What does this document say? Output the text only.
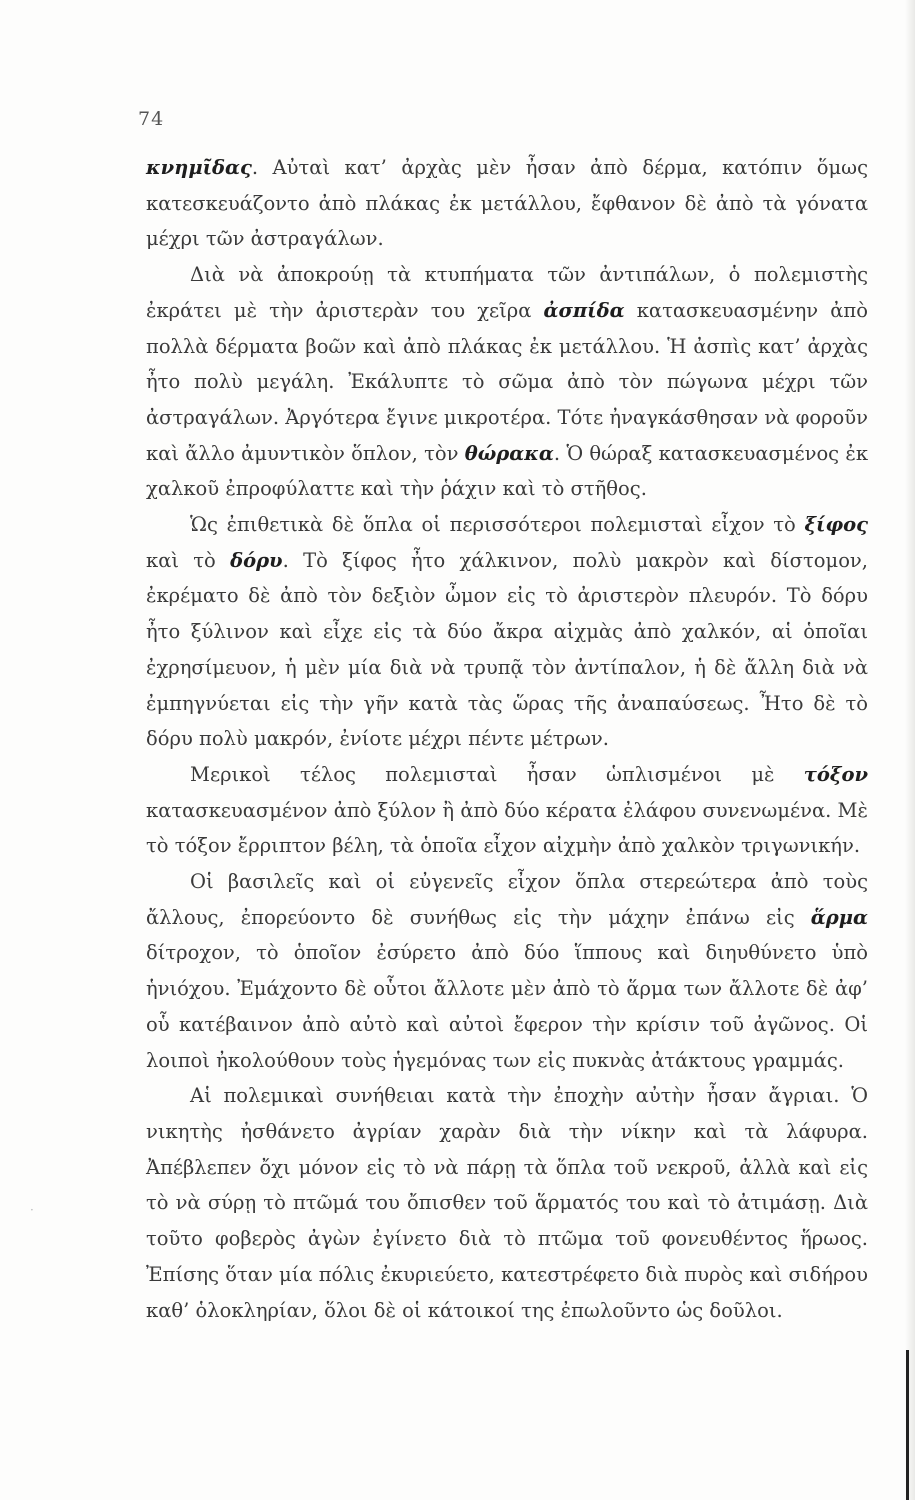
74

κνημῖδας. Αὐταὶ κατ’ ἀρχὰς μὲν ἦσαν ἀπὸ δέρμα, κατόπιν ὅμως κατεσκευάζοντο ἀπὸ πλάκας ἐκ μετάλλου, ἔφθανον δὲ ἀπὸ τὰ γόνατα μέχρι τῶν ἀστραγάλων.

Διὰ νὰ ἀποκρούῃ τὰ κτυπήματα τῶν ἀντιπάλων, ὁ πολεμιστὴς ἐκράτει μὲ τὴν ἀριστερὰν του χεῖρα ἀσπίδα κατασκευασμένην ἀπὸ πολλὰ δέρματα βοῶν καὶ ἀπὸ πλάκας ἐκ μετάλλου. Ἡ ἀσπὶς κατ’ ἀρχὰς ἦτο πολὺ μεγάλη. Ἐκάλυπτε τὸ σῶμα ἀπὸ τὸν πώγωνα μέχρι τῶν ἀστραγάλων. Ἀργότερα ἔγινε μικροτέρα. Τότε ἠναγκάσθησαν νὰ φοροῦν καὶ ἄλλο ἀμυντικὸν ὅπλον, τὸν θώρακα. Ὁ θώραξ κατασκευασμένος ἐκ χαλκοῦ ἐπροφύλαττε καὶ τὴν ῥάχιν καὶ τὸ στῆθος.

Ὡς ἐπιθετικὰ δὲ ὅπλα οἱ περισσότεροι πολεμισταὶ εἶχον τὸ ξίφος καὶ τὸ δόρυ. Τὸ ξίφος ἦτο χάλκινον, πολὺ μακρὸν καὶ δίστομον, ἐκρέματο δὲ ἀπὸ τὸν δεξιὸν ὦμον εἰς τὸ ἀριστερὸν πλευρόν. Τὸ δόρυ ἦτο ξύλινον καὶ εἶχε εἰς τὰ δύο ἄκρα αἰχμὰς ἀπὸ χαλκόν, αἱ ὁποῖαι ἐχρησίμευον, ἡ μὲν μία διὰ νὰ τρυπᾷ τὸν ἀντίπαλον, ἡ δὲ ἄλλη διὰ νὰ ἐμπηγνύεται εἰς τὴν γῆν κατὰ τὰς ὥρας τῆς ἀναπαύσεως. Ἦτο δὲ τὸ δόρυ πολὺ μακρόν, ἐνίοτε μέχρι πέντε μέτρων.

Μερικοὶ τέλος πολεμισταὶ ἦσαν ὡπλισμένοι μὲ τόξον κατασκευασμένον ἀπὸ ξύλον ἢ ἀπὸ δύο κέρατα ἐλάφου συνενωμένα. Μὲ τὸ τόξον ἔρριπτον βέλη, τὰ ὁποῖα εἶχον αἰχμὴν ἀπὸ χαλκὸν τριγωνικήν.

Οἱ βασιλεῖς καὶ οἱ εὐγενεῖς εἶχον ὅπλα στερεώτερα ἀπὸ τοὺς ἄλλους, ἐπορεύοντο δὲ συνήθως εἰς τὴν μάχην ἐπάνω εἰς ἅρμα δίτροχον, τὸ ὁποῖον ἐσύρετο ἀπὸ δύο ἵππους καὶ διηυθύνετο ὑπὸ ἡνιόχου. Ἐμάχοντο δὲ οὗτοι ἄλλοτε μὲν ἀπὸ τὸ ἅρμα των ἄλλοτε δὲ ἀφ’ οὗ κατέβαινον ἀπὸ αὐτὸ καὶ αὐτοὶ ἔφερον τὴν κρίσιν τοῦ ἀγῶνος. Οἱ λοιποὶ ἠκολούθουν τοὺς ἡγεμόνας των εἰς πυκνὰς ἀτάκτους γραμμάς.

Αἱ πολεμικαὶ συνήθειαι κατὰ τὴν ἐποχὴν αὐτὴν ἦσαν ἄγριαι. Ὁ νικητὴς ἠσθάνετο ἀγρίαν χαρὰν διὰ τὴν νίκην καὶ τὰ λάφυρα. Ἀπέβλεπεν ὄχι μόνον εἰς τὸ νὰ πάρῃ τὰ ὅπλα τοῦ νεκροῦ, ἀλλὰ καὶ εἰς τὸ νὰ σύρῃ τὸ πτῶμά του ὄπισθεν τοῦ ἅρματός του καὶ τὸ ἀτιμάσῃ. Διὰ τοῦτο φοβερὸς ἀγὼν ἐγίνετο διὰ τὸ πτῶμα τοῦ φονευθέντος ἥρωος. Ἐπίσης ὅταν μία πόλις ἐκυριεύετο, κατεστρέφετο διὰ πυρὸς καὶ σιδήρου καθ’ ὁλοκληρίαν, ὅλοι δὲ οἱ κάτοικοί της ἐπωλοῦντο ὡς δοῦλοι.

·
